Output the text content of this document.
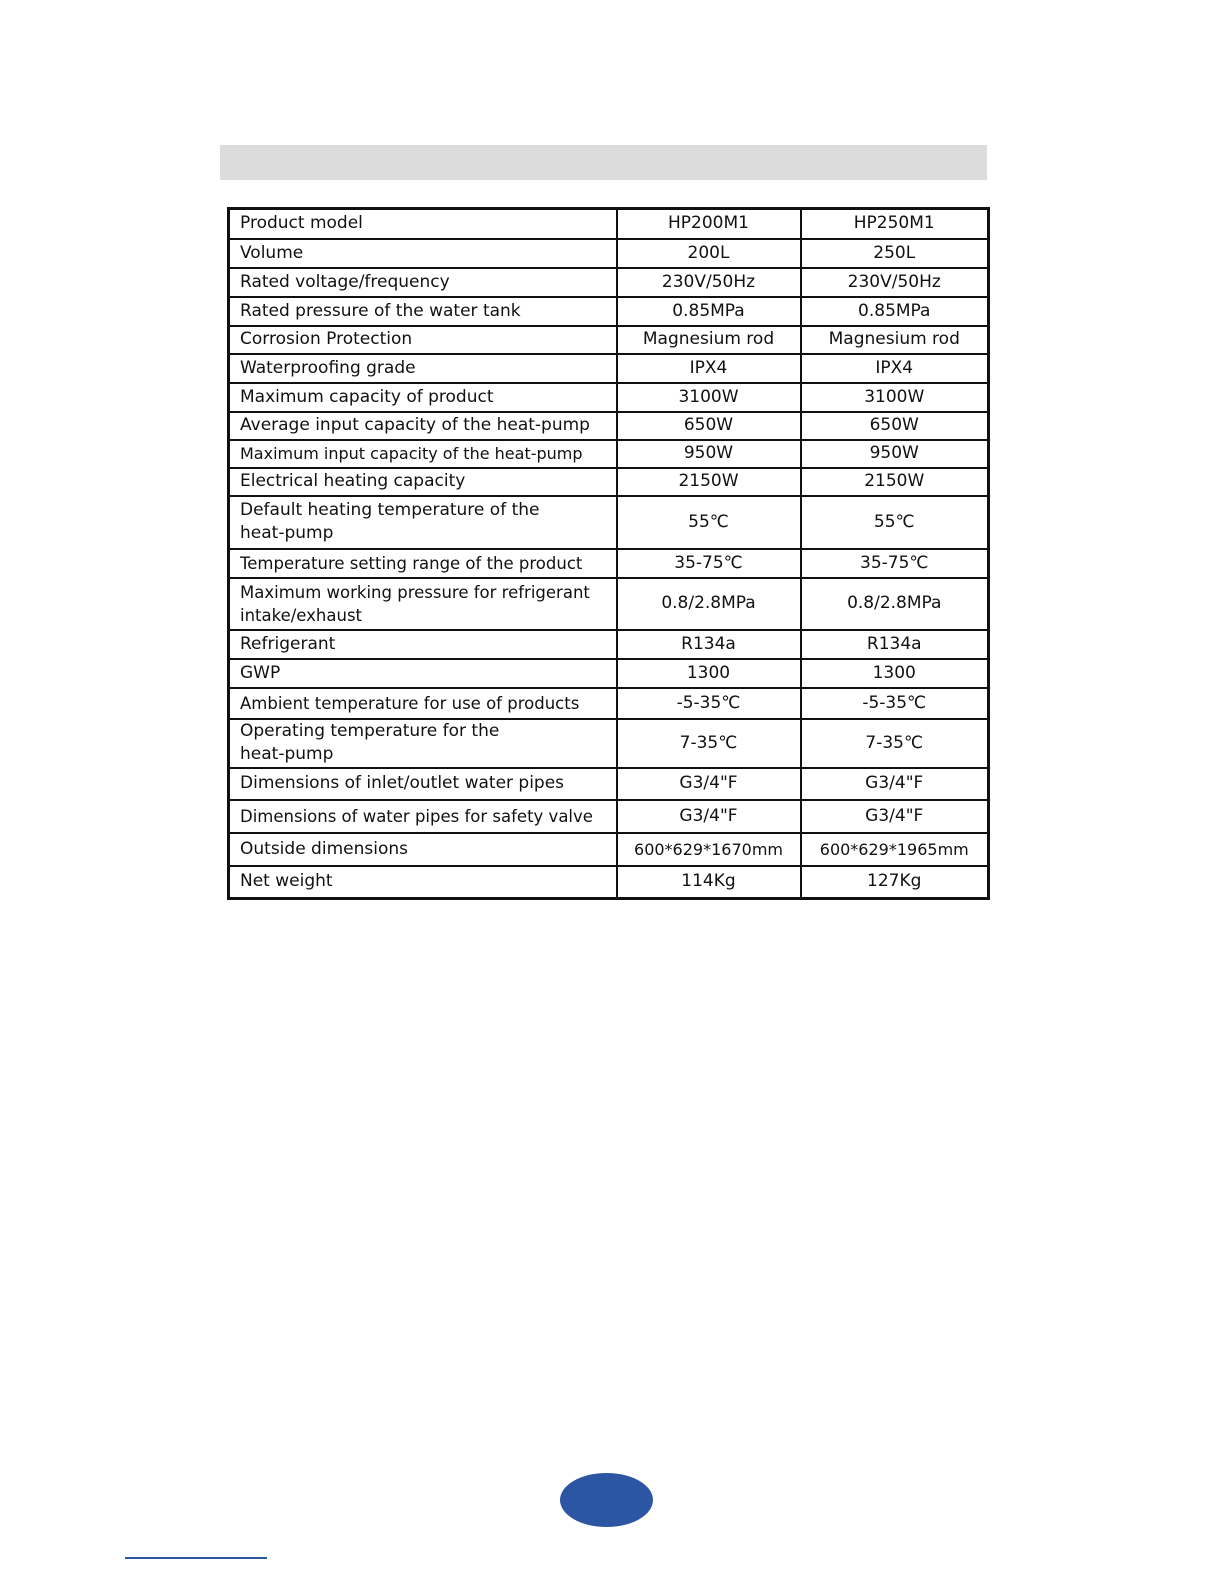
Product model	HP200M1	HP250M1
Volume	200L	250L
Rated voltage/frequency	230V/50Hz	230V/50Hz
Rated pressure of the water tank	0.85MPa	0.85MPa
Corrosion Protection	Magnesium rod	Magnesium rod
Waterproofing grade	IPX4	IPX4
Maximum capacity of product	3100W	3100W
Average input capacity of the heat-pump	650W	650W
Maximum input capacity of the heat-pump	950W	950W
Electrical heating capacity	2150W	2150W
Default heating temperature of the heat-pump	55℃	55℃
Temperature setting range of the product	35-75℃	35-75℃
Maximum working pressure for refrigerant intake/exhaust	0.8/2.8MPa	0.8/2.8MPa
Refrigerant	R134a	R134a
GWP	1300	1300
Ambient temperature for use of products	-5-35℃	-5-35℃
Operating temperature for the heat-pump	7-35℃	7-35℃
Dimensions of inlet/outlet water pipes	G3/4"F	G3/4"F
Dimensions of water pipes for safety valve	G3/4"F	G3/4"F
Outside dimensions	600*629*1670mm	600*629*1965mm
Net weight	114Kg	127Kg
